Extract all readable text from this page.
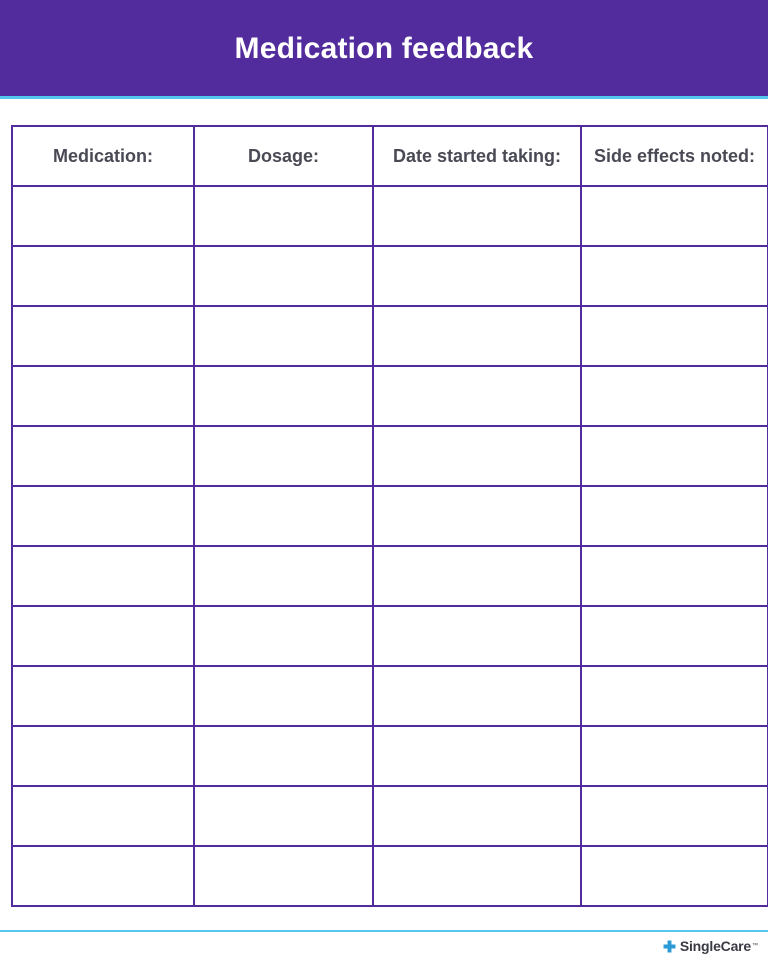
Medication feedback
Medication:	Dosage:	Date started taking:	Side effects noted:

SingleCare ™
